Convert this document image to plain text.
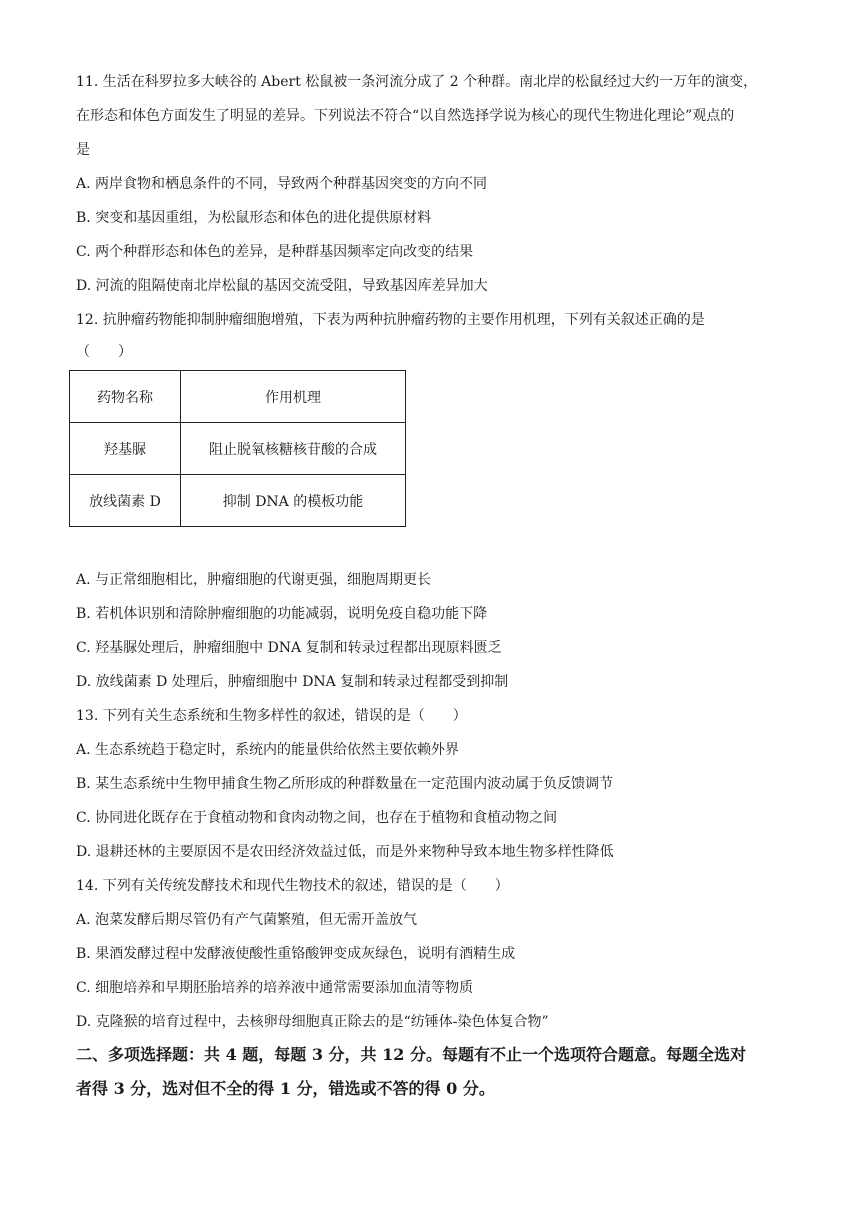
11. 生活在科罗拉多大峡谷的 Abert 松鼠被一条河流分成了 2 个种群。南北岸的松鼠经过大约一万年的演变，
在形态和体色方面发生了明显的差异。下列说法不符合“以自然选择学说为核心的现代生物进化理论”观点的
是
A. 两岸食物和栖息条件的不同，导致两个种群基因突变的方向不同
B. 突变和基因重组，为松鼠形态和体色的进化提供原材料
C. 两个种群形态和体色的差异，是种群基因频率定向改变的结果
D. 河流的阻隔使南北岸松鼠的基因交流受阻，导致基因库差异加大
12. 抗肿瘤药物能抑制肿瘤细胞增殖，下表为两种抗肿瘤药物的主要作用机理，下列有关叙述正确的是
（　　）
药物名称	作用机理
羟基脲	阻止脱氧核糖核苷酸的合成
放线菌素 D	抑制 DNA 的模板功能
A. 与正常细胞相比，肿瘤细胞的代谢更强，细胞周期更长
B. 若机体识别和清除肿瘤细胞的功能减弱，说明免疫自稳功能下降
C. 羟基脲处理后，肿瘤细胞中 DNA 复制和转录过程都出现原料匮乏
D. 放线菌素 D 处理后，肿瘤细胞中 DNA 复制和转录过程都受到抑制
13. 下列有关生态系统和生物多样性的叙述，错误的是（　　）
A. 生态系统趋于稳定时，系统内的能量供给依然主要依赖外界
B. 某生态系统中生物甲捕食生物乙所形成的种群数量在一定范围内波动属于负反馈调节
C. 协同进化既存在于食植动物和食肉动物之间，也存在于植物和食植动物之间
D. 退耕还林的主要原因不是农田经济效益过低，而是外来物种导致本地生物多样性降低
14. 下列有关传统发酵技术和现代生物技术的叙述，错误的是（　　）
A. 泡菜发酵后期尽管仍有产气菌繁殖，但无需开盖放气
B. 果酒发酵过程中发酵液使酸性重铬酸钾变成灰绿色，说明有酒精生成
C. 细胞培养和早期胚胎培养的培养液中通常需要添加血清等物质
D. 克隆猴的培育过程中，去核卵母细胞真正除去的是“纺锤体-染色体复合物”
二、多项选择题：共 4 题，每题 3 分，共 12 分。每题有不止一个选项符合题意。每题全选对
者得 3 分，选对但不全的得 1 分，错选或不答的得 0 分。
